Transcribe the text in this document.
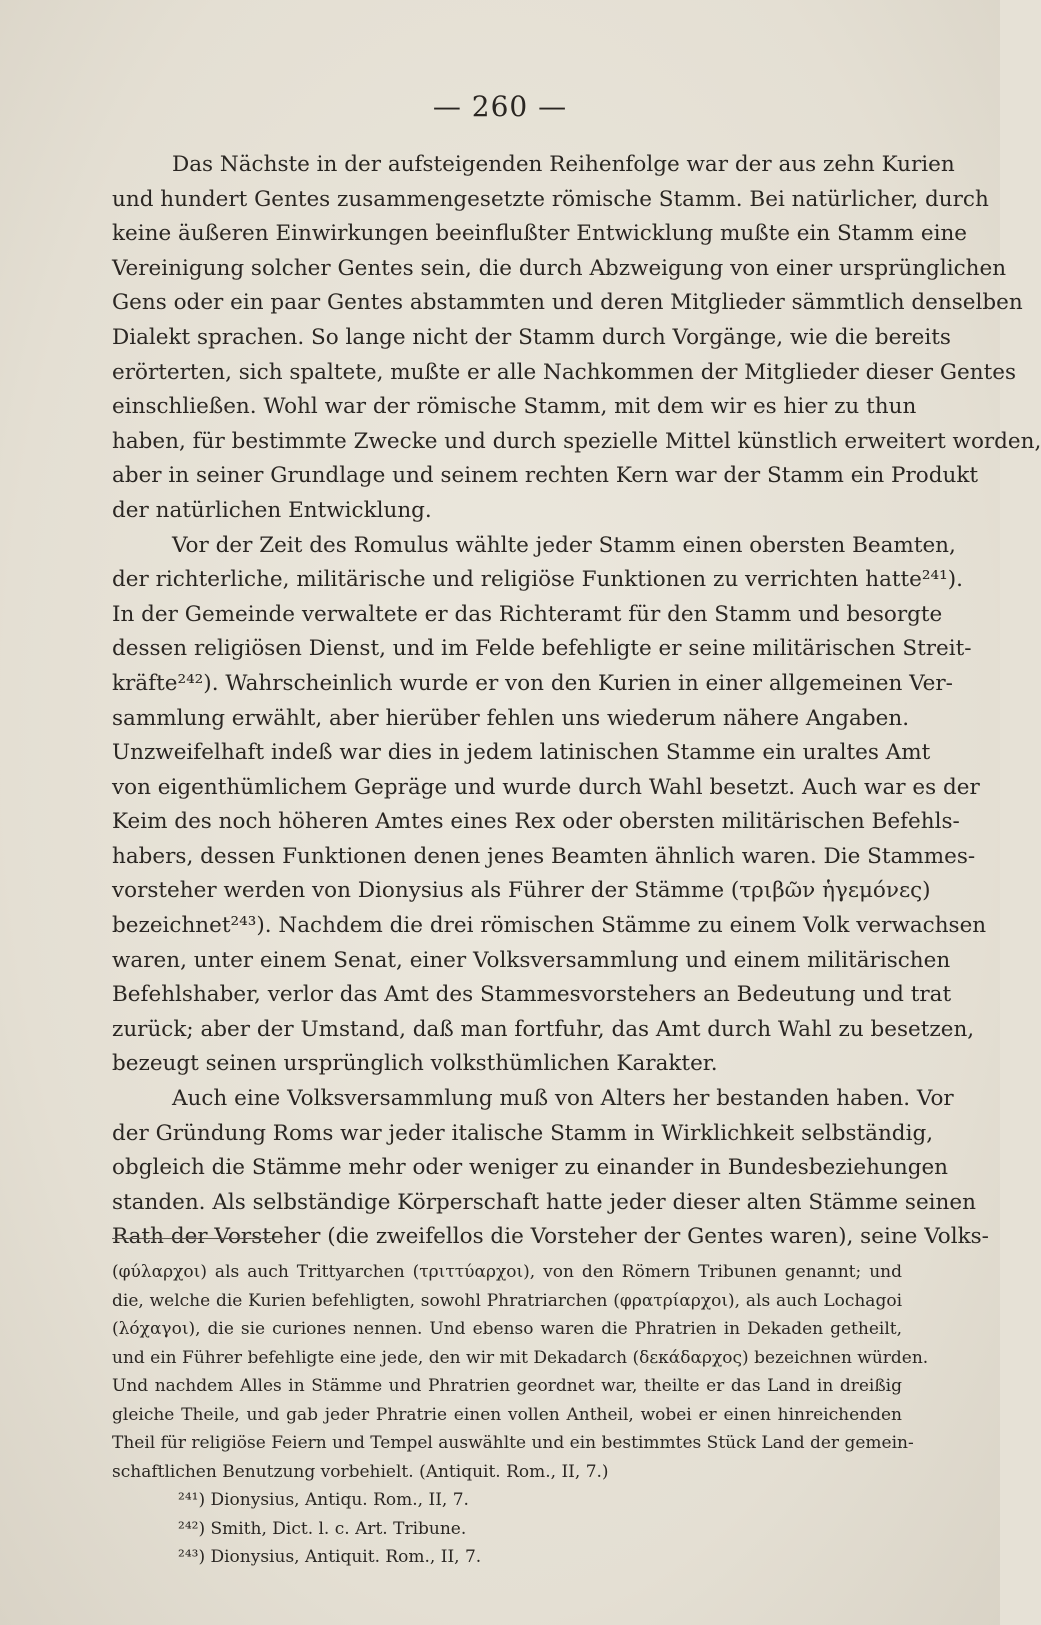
— 260 —
Das Nächste in der aufsteigenden Reihenfolge war der aus zehn Kurien
und hundert Gentes zusammengesetzte römische Stamm. Bei natürlicher, durch
keine äußeren Einwirkungen beeinflußter Entwicklung mußte ein Stamm eine
Vereinigung solcher Gentes sein, die durch Abzweigung von einer ursprünglichen
Gens oder ein paar Gentes abstammten und deren Mitglieder sämmtlich denselben
Dialekt sprachen. So lange nicht der Stamm durch Vorgänge, wie die bereits
erörterten, sich spaltete, mußte er alle Nachkommen der Mitglieder dieser Gentes
einschließen. Wohl war der römische Stamm, mit dem wir es hier zu thun
haben, für bestimmte Zwecke und durch spezielle Mittel künstlich erweitert worden,
aber in seiner Grundlage und seinem rechten Kern war der Stamm ein Produkt
der natürlichen Entwicklung.
Vor der Zeit des Romulus wählte jeder Stamm einen obersten Beamten,
der richterliche, militärische und religiöse Funktionen zu verrichten hatte²⁴¹).
In der Gemeinde verwaltete er das Richteramt für den Stamm und besorgte
dessen religiösen Dienst, und im Felde befehligte er seine militärischen Streit-
kräfte²⁴²). Wahrscheinlich wurde er von den Kurien in einer allgemeinen Ver-
sammlung erwählt, aber hierüber fehlen uns wiederum nähere Angaben.
Unzweifelhaft indeß war dies in jedem latinischen Stamme ein uraltes Amt
von eigenthümlichem Gepräge und wurde durch Wahl besetzt. Auch war es der
Keim des noch höheren Amtes eines Rex oder obersten militärischen Befehls-
habers, dessen Funktionen denen jenes Beamten ähnlich waren. Die Stammes-
vorsteher werden von Dionysius als Führer der Stämme (τριβῶν ἡγεμόνες)
bezeichnet²⁴³). Nachdem die drei römischen Stämme zu einem Volk verwachsen
waren, unter einem Senat, einer Volksversammlung und einem militärischen
Befehlshaber, verlor das Amt des Stammesvorstehers an Bedeutung und trat
zurück; aber der Umstand, daß man fortfuhr, das Amt durch Wahl zu besetzen,
bezeugt seinen ursprünglich volksthümlichen Karakter.
Auch eine Volksversammlung muß von Alters her bestanden haben. Vor
der Gründung Roms war jeder italische Stamm in Wirklichkeit selbständig,
obgleich die Stämme mehr oder weniger zu einander in Bundesbeziehungen
standen. Als selbständige Körperschaft hatte jeder dieser alten Stämme seinen
Rath der Vorsteher (die zweifellos die Vorsteher der Gentes waren), seine Volks-
(φύλαρχοι) als auch Trittyarchen (τριττύαρχοι), von den Römern Tribunen genannt; und
die, welche die Kurien befehligten, sowohl Phratriarchen (φρατρίαρχοι), als auch Lochagoi
(λόχαγοι), die sie curiones nennen. Und ebenso waren die Phratrien in Dekaden getheilt,
und ein Führer befehligte eine jede, den wir mit Dekadarch (δεκάδαρχος) bezeichnen würden.
Und nachdem Alles in Stämme und Phratrien geordnet war, theilte er das Land in dreißig
gleiche Theile, und gab jeder Phratrie einen vollen Antheil, wobei er einen hinreichenden
Theil für religiöse Feiern und Tempel auswählte und ein bestimmtes Stück Land der gemein-
schaftlichen Benutzung vorbehielt. (Antiquit. Rom., II, 7.)
²⁴¹) Dionysius, Antiqu. Rom., II, 7.
²⁴²) Smith, Dict. l. c. Art. Tribune.
²⁴³) Dionysius, Antiquit. Rom., II, 7.
